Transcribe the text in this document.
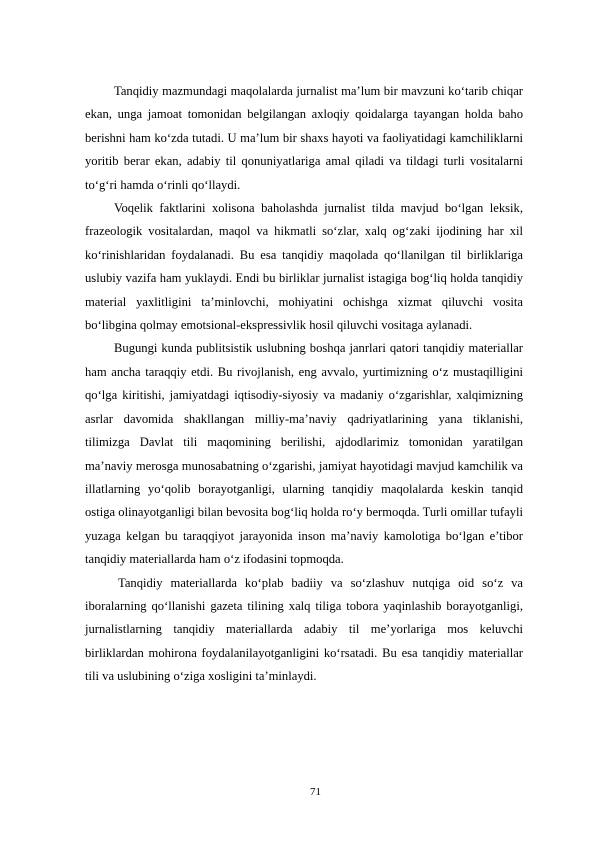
Tanqidiy mazmundagi maqolalarda jurnalist ma’lum bir mavzuni ko‘tarib chiqar ekan, unga jamoat tomonidan belgilangan axloqiy qoidalarga tayangan holda baho berishni ham ko‘zda tutadi. U ma’lum bir shaxs hayoti va faoliyatidagi kamchiliklarni yoritib berar ekan, adabiy til qonuniyatlariga amal qiladi va tildagi turli vositalarni to‘g‘ri hamda o‘rinli qo‘llaydi.

Voqelik faktlarini xolisona baholashda jurnalist tilda mavjud bo‘lgan leksik, frazeologik vositalardan, maqol va hikmatli so‘zlar, xalq og‘zaki ijodining har xil ko‘rinishlaridan foydalanadi. Bu esa tanqidiy maqolada qo‘llanilgan til birliklariga uslubiy vazifa ham yuklaydi. Endi bu birliklar jurnalist istagiga bog‘liq holda tanqidiy material yaxlitligini ta’minlovchi, mohiyatini ochishga xizmat qiluvchi vosita bo‘libgina qolmay emotsional-ekspressivlik hosil qiluvchi vositaga aylanadi.

Bugungi kunda publitsistik uslubning boshqa janrlari qatori tanqidiy materiallar ham ancha taraqqiy etdi. Bu rivojlanish, eng avvalo, yurtimizning o‘z mustaqilligini qo‘lga kiritishi, jamiyatdagi iqtisodiy-siyosiy va madaniy o‘zgarishlar, xalqimizning asrlar davomida shakllangan milliy-ma’naviy qadriyatlarining yana tiklanishi, tilimizga Davlat tili maqomining berilishi, ajdodlarimiz tomonidan yaratilgan ma’naviy merosga munosabatning o‘zgarishi, jamiyat hayotidagi mavjud kamchilik va illatlarning yo‘qolib borayotganligi, ularning tanqidiy maqolalarda keskin tanqid ostiga olinayotganligi bilan bevosita bog‘liq holda ro‘y bermoqda. Turli omillar tufayli yuzaga kelgan bu taraqqiyot jarayonida inson ma’naviy kamolotiga bo‘lgan e’tibor tanqidiy materiallarda ham o‘z ifodasini topmoqda.

Tanqidiy materiallarda ko‘plab badiiy va so‘zlashuv nutqiga oid so‘z va iboralarning qo‘llanishi gazeta tilining xalq tiliga tobora yaqinlashib borayotganligi, jurnalistlarning tanqidiy materiallarda adabiy til me’yorlariga mos keluvchi birliklardan mohirona foydalanilayotganligini ko‘rsatadi. Bu esa tanqidiy materiallar tili va uslubining o‘ziga xosligini ta’minlaydi.

71
